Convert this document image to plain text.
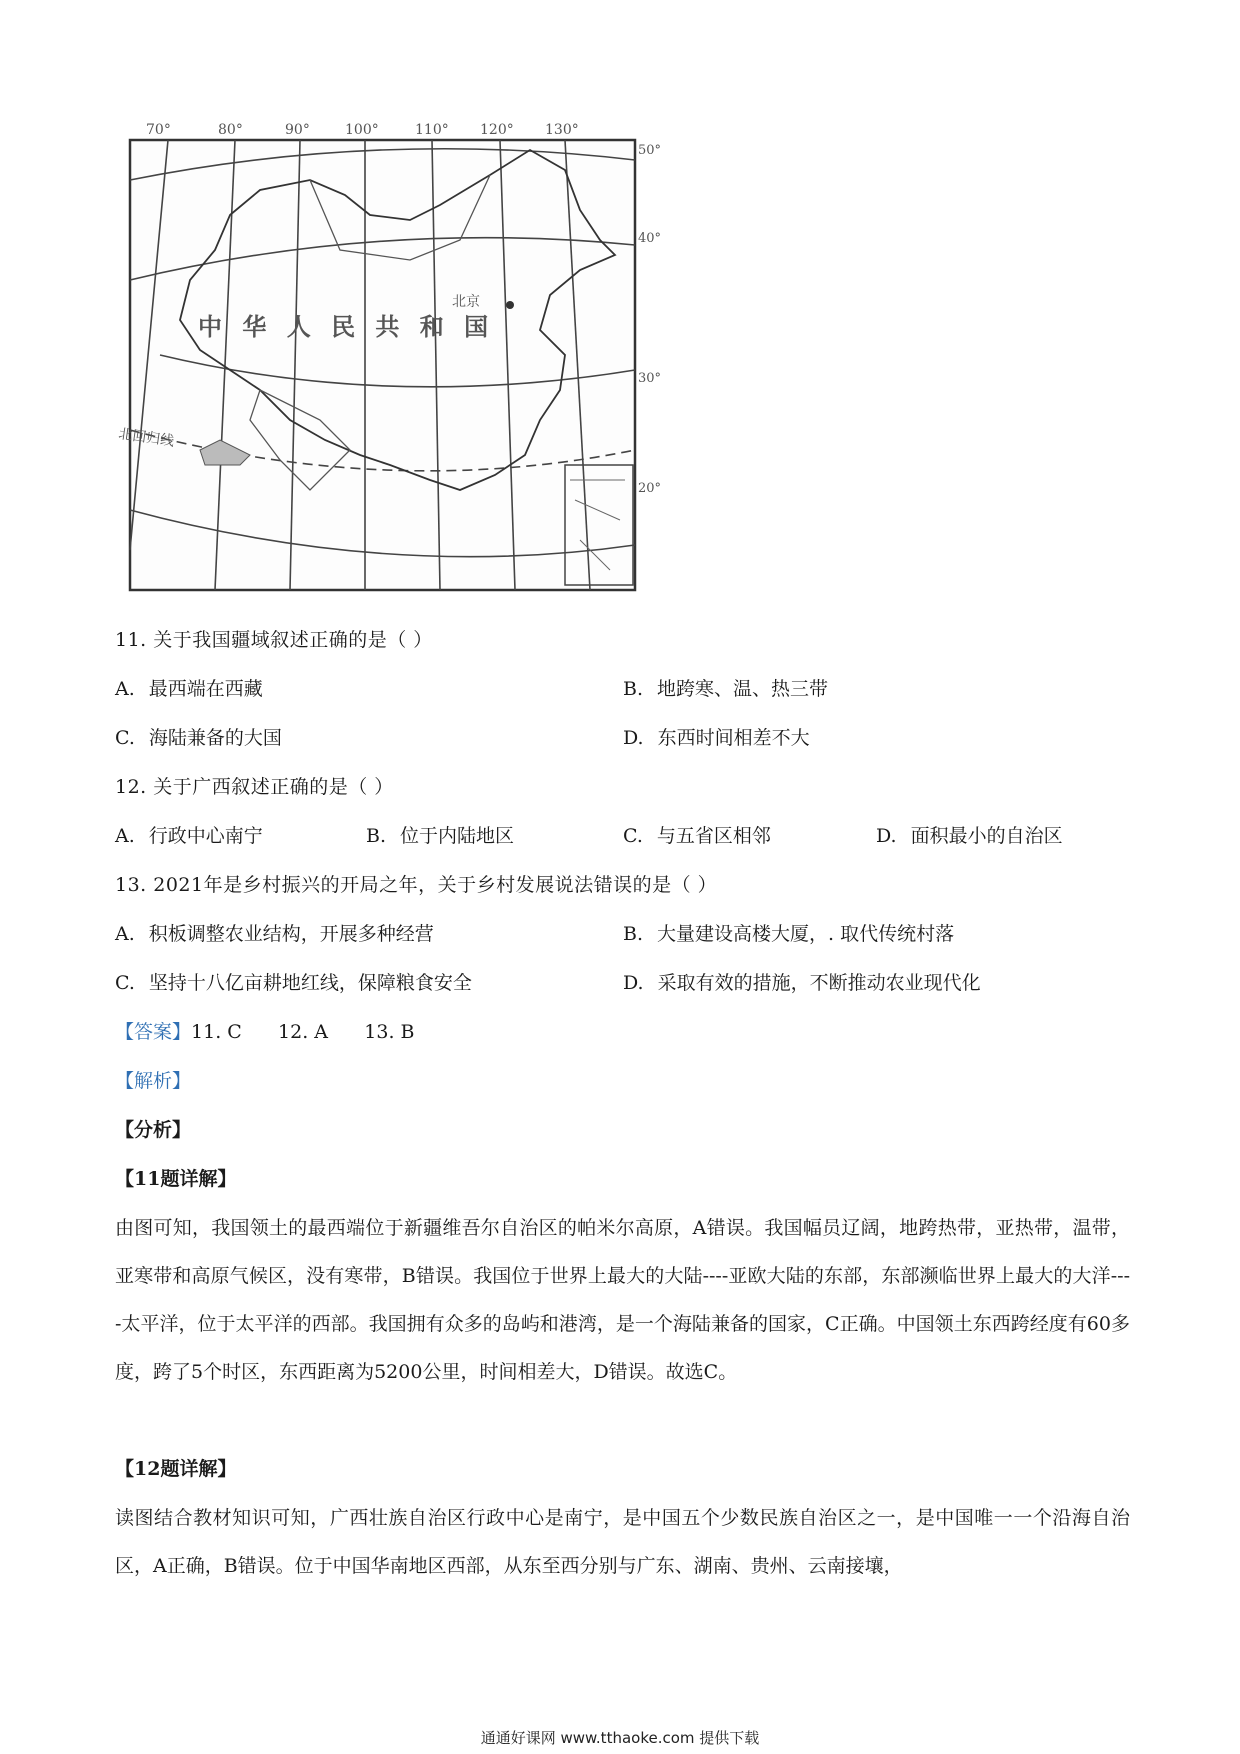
70°	80°	90°	100°	110° 120° 130°
50°
40°
30°
20°
中 华 人 民 共 和 国
北京
北回归线
11. 关于我国疆域叙述正确的是（ ）
A. 最西端在西藏	B. 地跨寒、温、热三带
C. 海陆兼备的大国	D. 东西时间相差不大
12. 关于广西叙述正确的是（ ）
A. 行政中心南宁	B. 位于内陆地区	C. 与五省区相邻	D. 面积最小的自治区
13. 2021年是乡村振兴的开局之年，关于乡村发展说法错误的是（ ）
A. 积板调整农业结构，开展多种经营	B. 大量建设高楼大厦，. 取代传统村落
C. 坚持十八亿亩耕地红线，保障粮食安全	D. 采取有效的措施，不断推动农业现代化
【答案】11. C      12. A      13. B
【解析】
【分析】
【11题详解】
由图可知，我国领土的最西端位于新疆维吾尔自治区的帕米尔高原，A错误。我国幅员辽阔，地跨热带，亚热带，温带，亚寒带和高原气候区，没有寒带，B错误。我国位于世界上最大的大陆----亚欧大陆的东部，东部濒临世界上最大的大洋----太平洋，位于太平洋的西部。我国拥有众多的岛屿和港湾，是一个海陆兼备的国家，C正确。中国领土东西跨经度有60多度，跨了5个时区，东西距离为5200公里，时间相差大，D错误。故选C。
【12题详解】
读图结合教材知识可知，广西壮族自治区行政中心是南宁，是中国五个少数民族自治区之一，是中国唯一一个沿海自治区，A正确，B错误。位于中国华南地区西部，从东至西分别与广东、湖南、贵州、云南接壤，
通通好课网 www.tthaoke.com 提供下载
